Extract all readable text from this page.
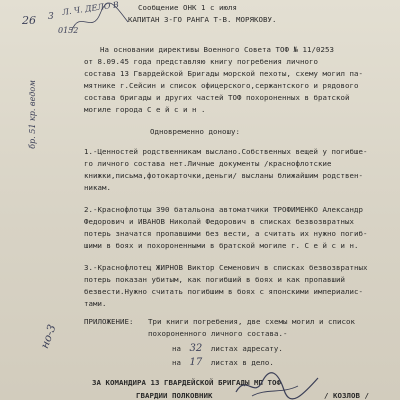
26 3
Л. Ч. ДЕЛО В
0152
Сообщение ОНК 1 с июля
КАПИТАН 3-ГО РАНГА Т-В. МОРЯКОВУ.
На основании директивы Военного Совета ТОФ № 11/0253
от 8.09.45 года представляю книгу погребения личного
состава 13 Гвардейской Бригады морской пехоты, схему могил па-
мятнике г.Сейсин и список офицерского,сержантского и рядового
состава бригады и других частей ТОФ похороненных в братской
могиле города С е й с и н .
Одновременно доношу:
1.-Ценностей родственникам выслано.Собственных вещей у погибше-
го личного состава нет.Личные документы /краснофлотские
книжки,письма,фотокарточки,деньги/ высланы ближайшим родствен-
никам.
2.-Краснофлотцы 390 батальона автоматчики ТРОФИМЕНКО Александр
Федорович и ИВАНОВ Николай Федорович в списках безвозвратных
потерь значатся пропавшими без вести, а считать их нужно погиб-
шими в боях и похороненными в братской могиле г. С е й с и н.
3.-Краснофлотец ЖИРНОВ Виктор Семенович в списках безвозвратных
потерь показан убитым, как погибший в боях и как пропавший
безвести.Нужно считать погибшим в боях с японскими империалис-
тами.
ПРИЛОЖЕНИЕ: Три книги погребения, две схемы могил и список
похороненного личного состава.-
на 32 листах адресату.
на 17 листах в дело.
но-3
бр. 51 кр. ведом
ЗА КОМАНДИРА 13 ГВАРДЕЙСКОЙ БРИГАДЫ МП ТОФ
ГВАРДИИ ПОЛКОВНИК	/ КОЗЛОВ /
